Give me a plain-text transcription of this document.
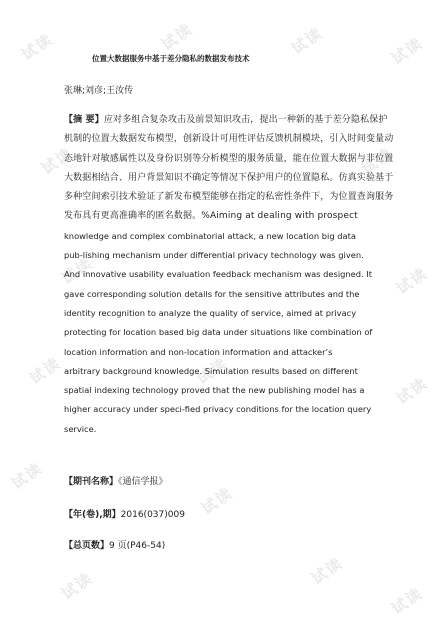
试读	试读	试读	试读
试读	试读
试读	试读
试读	试读
试读
试读
试读
试读
试读	试读
位置大数据服务中基于差分隐私的数据发布技术
张琳;刘彦;王汝传
【摘 要】应对多组合复杂攻击及前景知识攻击，提出一种新的基于差分隐私保护
机制的位置大数据发布模型，创新设计可用性评估反馈机制模块，引入时间变量动
态地针对敏感属性以及身份识别等分析模型的服务质量，能在位置大数据与非位置
大数据相结合、用户背景知识不确定等情况下保护用户的位置隐私。仿真实验基于
多种空间索引技术验证了新发布模型能够在指定的私密性条件下，为位置查询服务
发布具有更高准确率的匿名数据。%Aiming at dealing with prospect
knowledge and complex combinatorial attack, a new location big data
pub-lishing mechanism under differential privacy technology was given.
And innovative usability evaluation feedback mechanism was designed. It
gave corresponding solution details for the sensitive attributes and the
identity recognition to analyze the quality of service, aimed at privacy
protecting for location based big data under situations like combination of
location information and non-location information and attacker’s
arbitrary background knowledge. Simulation results based on different
spatial indexing technology proved that the new publishing model has a
higher accuracy under speci-fied privacy conditions for the location query
service.
【期刊名称】《通信学报》
【年(卷),期】2016(037)009
【总页数】9 页(P46-54)
